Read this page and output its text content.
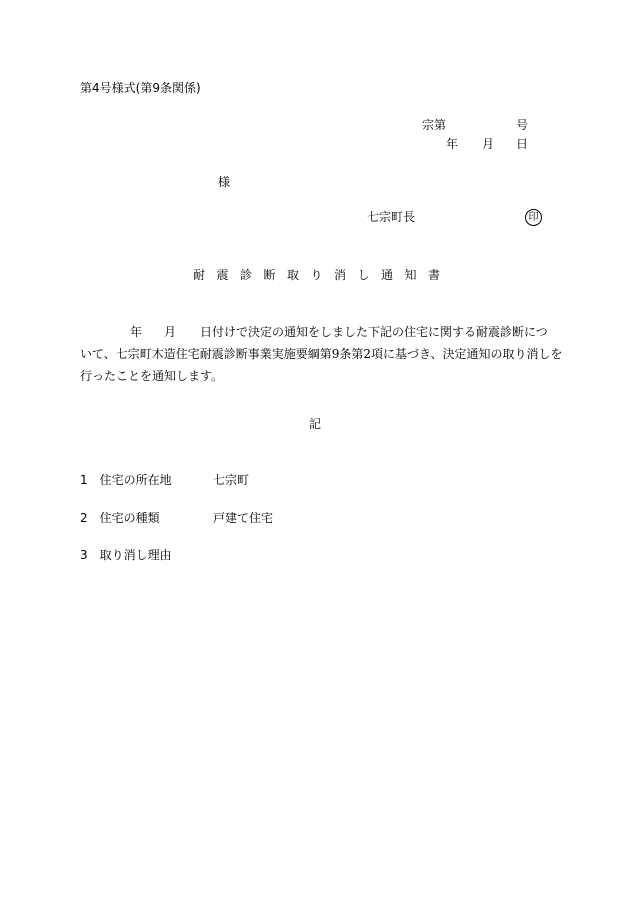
第4号様式(第9条関係)
宗第	号
年 月 日
様
七宗町長	印
耐震診断取り消し通知書
年 月 日付けで決定の通知をしました下記の住宅に関する耐震診断につ
いて、七宗町木造住宅耐震診断事業実施要綱第9条第2項に基づき、決定通知の取り消しを
行ったことを通知します。
記
1 住宅の所在地	七宗町
2 住宅の種類	戸建て住宅
3 取り消し理由
